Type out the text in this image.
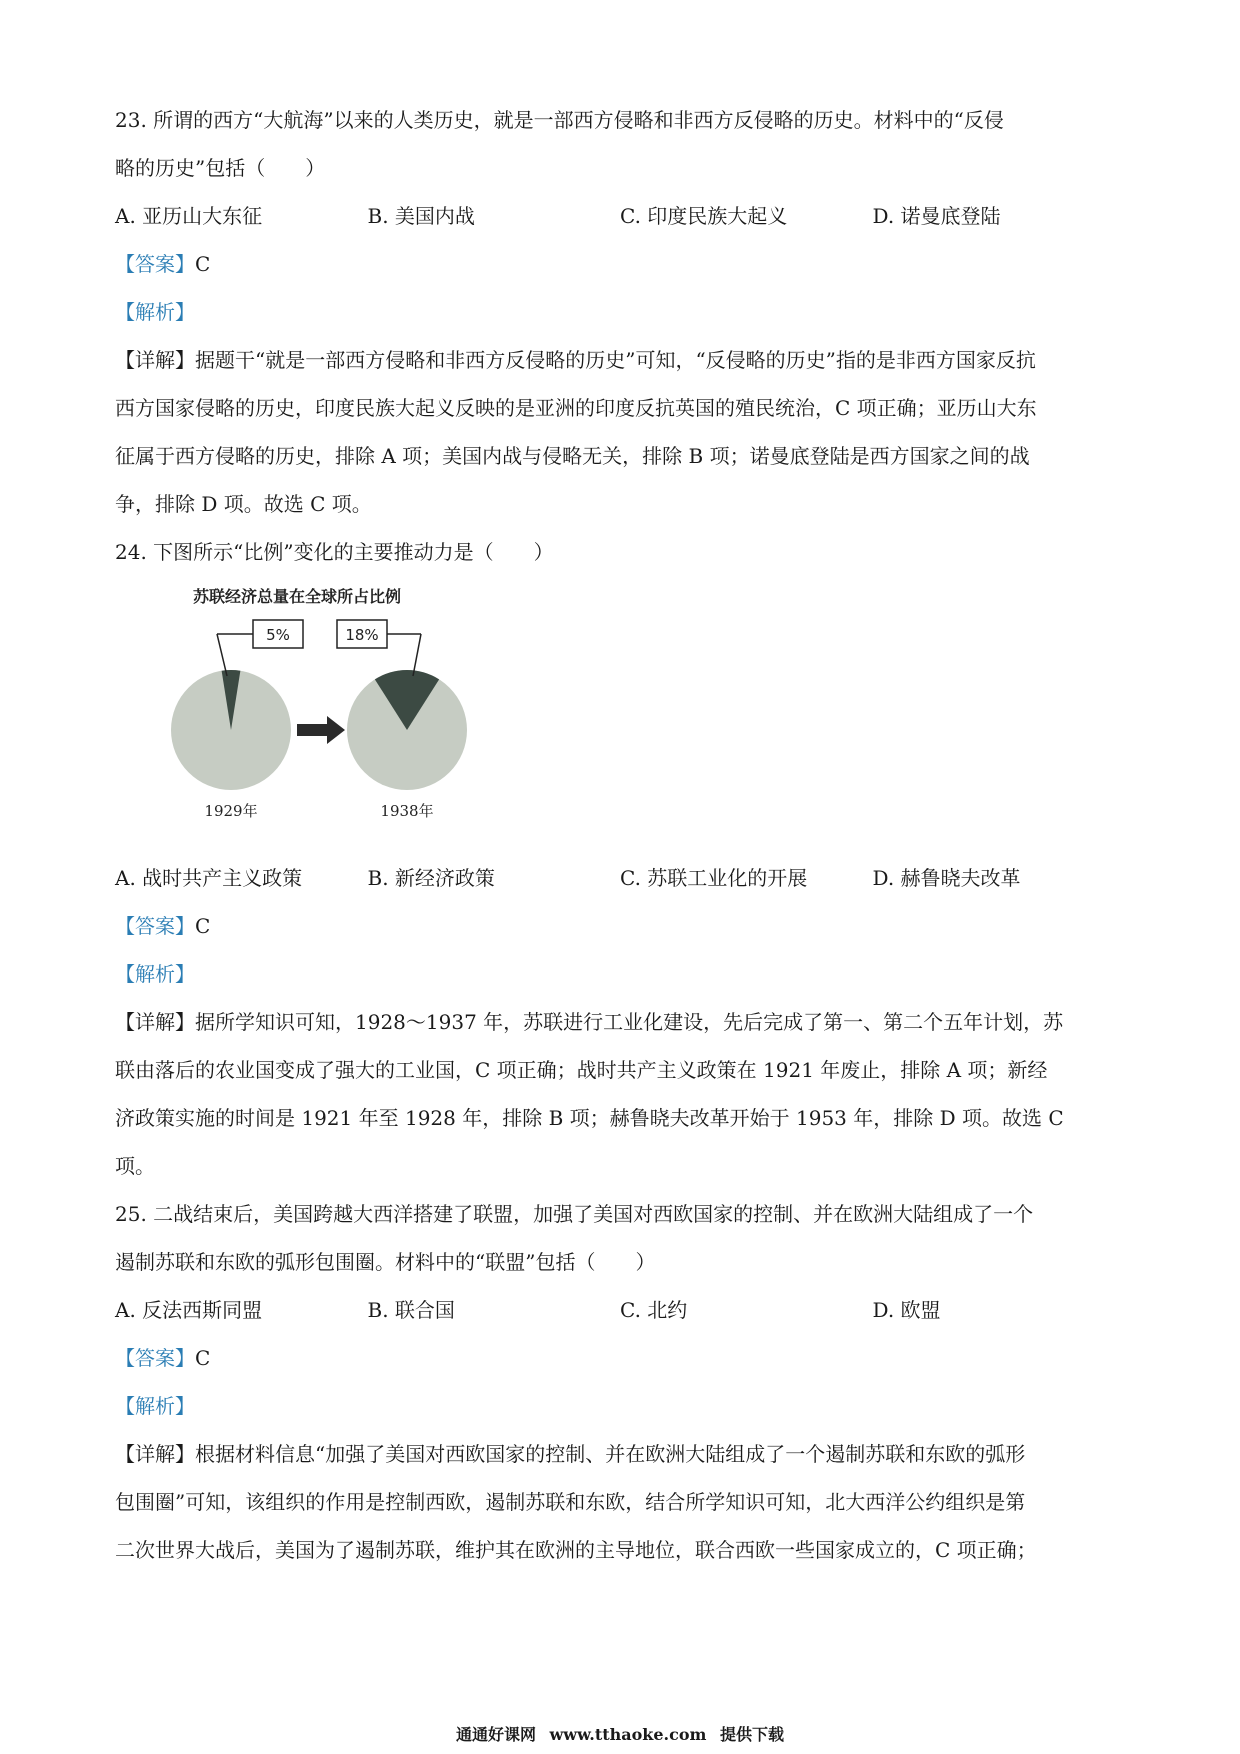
23. 所谓的西方“大航海”以来的人类历史，就是一部西方侵略和非西方反侵略的历史。材料中的“反侵
略的历史”包括（　　）
A. 亚历山大东征	B. 美国内战	C. 印度民族大起义	D. 诺曼底登陆
【答案】C
【解析】
【详解】据题干“就是一部西方侵略和非西方反侵略的历史”可知，“反侵略的历史”指的是非西方国家反抗
西方国家侵略的历史，印度民族大起义反映的是亚洲的印度反抗英国的殖民统治，C 项正确；亚历山大东
征属于西方侵略的历史，排除 A 项；美国内战与侵略无关，排除 B 项；诺曼底登陆是西方国家之间的战
争，排除 D 项。故选 C 项。
24. 下图所示“比例”变化的主要推动力是（　　）
苏联经济总量在全球所占比例
5%
1929年
18%
1938年
A. 战时共产主义政策	B. 新经济政策	C. 苏联工业化的开展	D. 赫鲁晓夫改革
【答案】C
【解析】
【详解】据所学知识可知，1928～1937 年，苏联进行工业化建设，先后完成了第一、第二个五年计划，苏
联由落后的农业国变成了强大的工业国，C 项正确；战时共产主义政策在 1921 年废止，排除 A 项；新经
济政策实施的时间是 1921 年至 1928 年，排除 B 项；赫鲁晓夫改革开始于 1953 年，排除 D 项。故选 C
项。
25. 二战结束后，美国跨越大西洋搭建了联盟，加强了美国对西欧国家的控制、并在欧洲大陆组成了一个
遏制苏联和东欧的弧形包围圈。材料中的“联盟”包括（　　）
A. 反法西斯同盟	B. 联合国	C. 北约	D. 欧盟
【答案】C
【解析】
【详解】根据材料信息“加强了美国对西欧国家的控制、并在欧洲大陆组成了一个遏制苏联和东欧的弧形
包围圈”可知，该组织的作用是控制西欧，遏制苏联和东欧，结合所学知识可知，北大西洋公约组织是第
二次世界大战后，美国为了遏制苏联，维护其在欧洲的主导地位，联合西欧一些国家成立的，C 项正确；
通通好课网 www.tthaoke.com 提供下载
